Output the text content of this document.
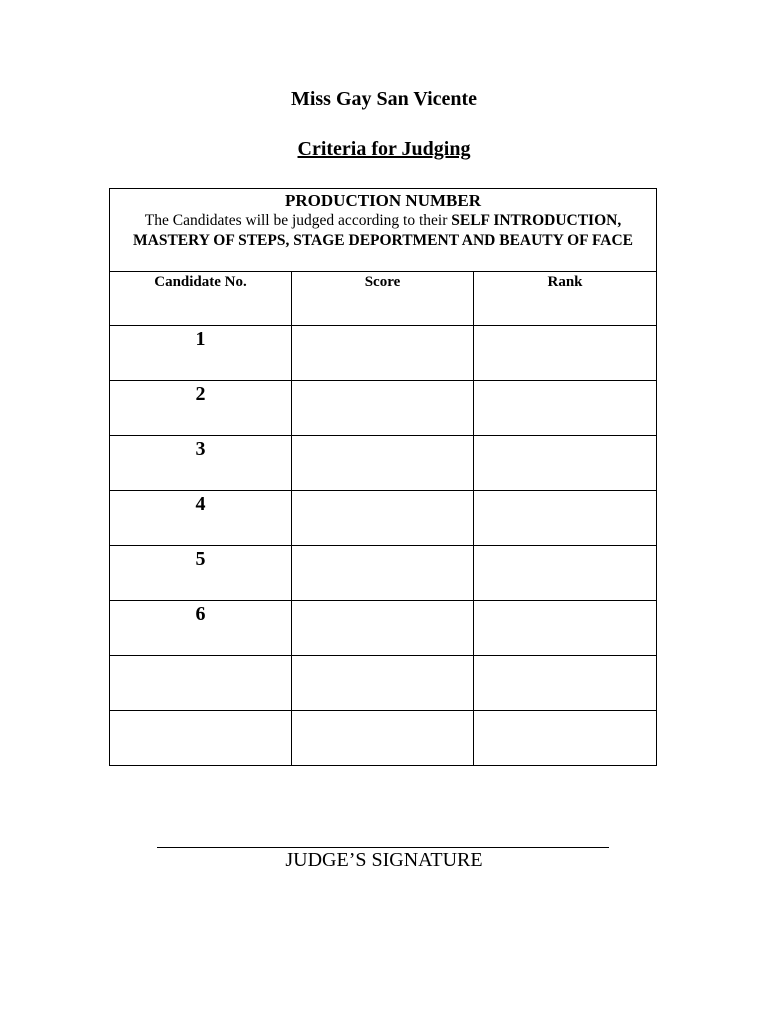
Miss Gay San Vicente
Criteria for Judging
PRODUCTION NUMBER
The Candidates will be judged according to their SELF INTRODUCTION, MASTERY OF STEPS, STAGE DEPORTMENT AND BEAUTY OF FACE		

Candidate No.	Score	Rank
1		
2		
3		
4		
5		
6		

JUDGE’S SIGNATURE
